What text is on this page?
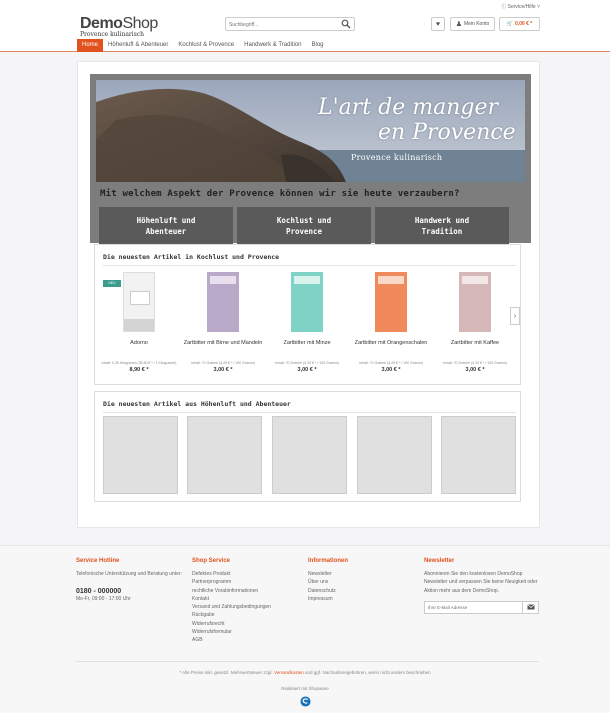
ⓘ Service/Hilfe ˅
DemoShop
Provence kulinarisch
Suchbegriff...
♥ ♟ Mein Konto	🛒 0,00 € *
Home	Höhenluft & Abenteuer	Kochlust & Provence	Handwerk & Tradition	Blog
L'art de manger
en Provence
Provence kulinarisch
Mit welchem Aspekt der Provence können wir sie heute verzaubern?
Höhenluft und
Abenteuer
Kochlust und
Provence
Handwerk und
Tradition
Die neuesten Artikel in Kochlust und Provence
NEU
Adorno
Inhalt: 0,25 Kilogramm (35,60 € * / 1 Kilogramm)
8,90 € *
Zartbitter mit Birne und Mandeln
Inhalt: 70 Gramm (4,29 € * / 100 Gramm)
3,00 € *
Zartbitter mit Minze
Inhalt: 70 Gramm (4,29 € * / 100 Gramm)
3,00 € *
Zartbitter mit Orangenschalen
Inhalt: 70 Gramm (4,29 € * / 100 Gramm)
3,00 € *
Zartbitter mit Kaffee
Inhalt: 70 Gramm (4,29 € * / 100 Gramm)
3,00 € *
›
Die neuesten Artikel aus Höhenluft und Abenteuer
Service Hotline
Telefonische Unterstützung und Beratung unter:
0180 - 000000
Mo-Fr, 09:00 - 17:00 Uhr
Shop Service
Defektes Produkt
Partnerprogramm
rechtliche Vorabinformationen
Kontakt
Versand und Zahlungsbedingungen
Rückgabe
Widerrufsrecht
Widerrufsformular
AGB
Informationen
Newsletter
Über uns
Datenschutz
Impressum
Newsletter
Abonnieren Sie den kostenlosen DemoShop Newsletter und verpassen Sie keine Neuigkeit oder Aktion mehr aus dem DemoShop.
Ihre E-Mail Adresse
* Alle Preise inkl. gesetzl. Mehrwertsteuer zzgl. Versandkosten und ggf. Nachnahmegebühren, wenn nicht anders beschrieben
Realisiert mit Shopware
